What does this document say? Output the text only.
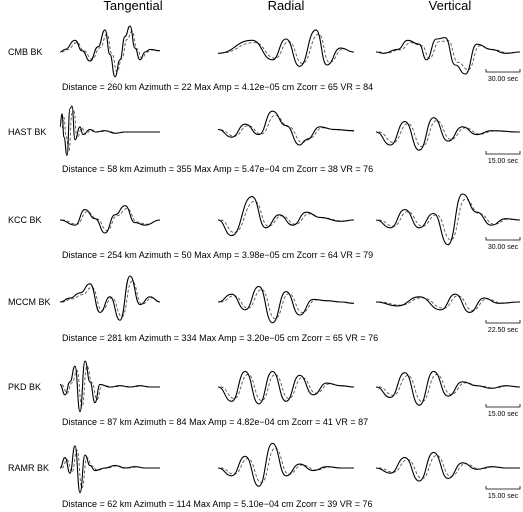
Tangential	Radial	Vertical
CMB BK
Distance = 260 km Azimuth = 22 Max Amp = 4.12e−05 cm Zcorr = 65 VR = 84
30.00 sec
HAST BK
Distance = 58 km Azimuth = 355 Max Amp = 5.47e−04 cm Zcorr = 38 VR = 76
15.00 sec
KCC BK
Distance = 254 km Azimuth = 50 Max Amp = 3.98e−05 cm Zcorr = 64 VR = 79
30.00 sec
MCCM BK
Distance = 281 km Azimuth = 334 Max Amp = 3.20e−05 cm Zcorr = 65 VR = 76
22.50 sec
PKD BK
Distance = 87 km Azimuth = 84 Max Amp = 4.82e−04 cm Zcorr = 41 VR = 87
15.00 sec
RAMR BK
Distance = 62 km Azimuth = 114 Max Amp = 5.10e−04 cm Zcorr = 39 VR = 76
15.00 sec
